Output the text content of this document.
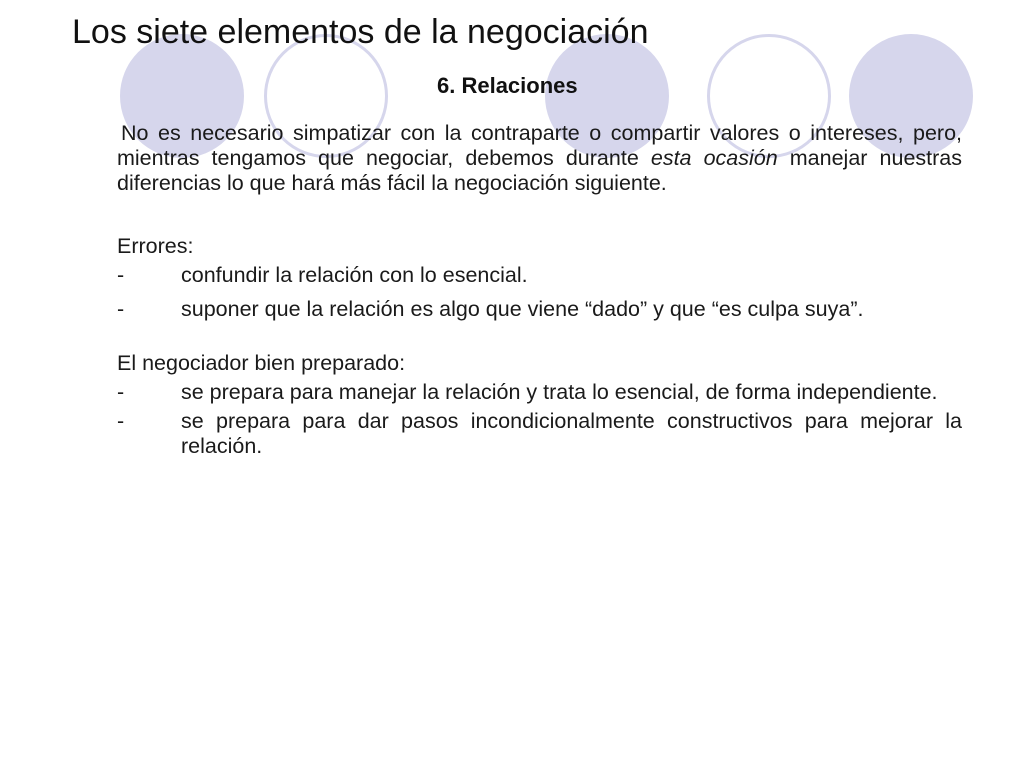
Los siete elementos de la negociación
6. Relaciones

No es necesario simpatizar con la contraparte o compartir valores o intereses, pero, mientras tengamos que negociar, debemos durante esta ocasión manejar nuestras diferencias lo que hará más fácil la negociación siguiente.

Errores:
-	confundir la relación con lo esencial.
-	suponer que la relación es algo que viene “dado” y que “es culpa suya”.
El negociador bien preparado:
-	se prepara para manejar la relación y trata lo esencial, de forma independiente.
-	se prepara para dar pasos incondicionalmente constructivos para mejorar la relación.
